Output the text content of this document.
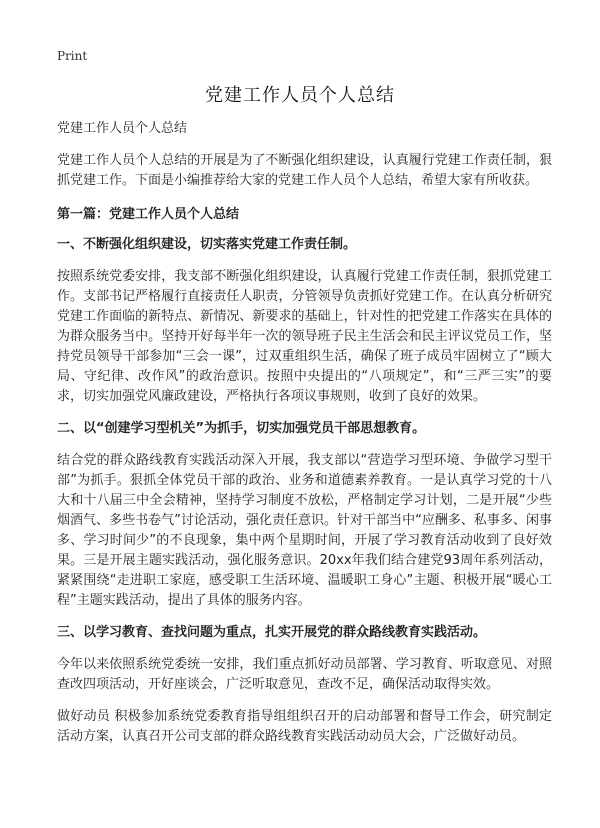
Print
党建工作人员个人总结

党建工作人员个人总结

党建工作人员个人总结的开展是为了不断强化组织建设，认真履行党建工作责任制，狠抓党建工作。下面是小编推荐给大家的党建工作人员个人总结，希望大家有所收获。

第一篇：党建工作人员个人总结

一、不断强化组织建设，切实落实党建工作责任制。

按照系统党委安排，我支部不断强化组织建设，认真履行党建工作责任制，狠抓党建工作。支部书记严格履行直接责任人职责，分管领导负责抓好党建工作。在认真分析研究党建工作面临的新特点、新情况、新要求的基础上，针对性的把党建工作落实在具体的为群众服务当中。坚持开好每半年一次的领导班子民主生活会和民主评议党员工作，坚持党员领导干部参加“三会一课”，过双重组织生活，确保了班子成员牢固树立了“顾大局、守纪律、改作风”的政治意识。按照中央提出的“八项规定”，和“三严三实”的要求，切实加强党风廉政建设，严格执行各项议事规则，收到了良好的效果。

二、以“创建学习型机关”为抓手，切实加强党员干部思想教育。

结合党的群众路线教育实践活动深入开展，我支部以“营造学习型环境、争做学习型干部”为抓手。狠抓全体党员干部的政治、业务和道德素养教育。一是认真学习党的十八大和十八届三中全会精神，坚持学习制度不放松，严格制定学习计划，二是开展“少些烟酒气、多些书卷气”讨论活动，强化责任意识。针对干部当中“应酬多、私事多、闲事多、学习时间少”的不良现象，集中两个星期时间，开展了学习教育活动收到了良好效果。三是开展主题实践活动，强化服务意识。20xx年我们结合建党93周年系列活动，紧紧围绕“走进职工家庭，感受职工生活环境、温暖职工身心”主题、积极开展“暖心工程”主题实践活动，提出了具体的服务内容。

三、以学习教育、查找问题为重点，扎实开展党的群众路线教育实践活动。

今年以来依照系统党委统一安排，我们重点抓好动员部署、学习教育、听取意见、对照查改四项活动，开好座谈会，广泛听取意见，查改不足，确保活动取得实效。

做好动员 积极参加系统党委教育指导组组织召开的启动部署和督导工作会，研究制定活动方案，认真召开公司支部的群众路线教育实践活动动员大会，广泛做好动员。
